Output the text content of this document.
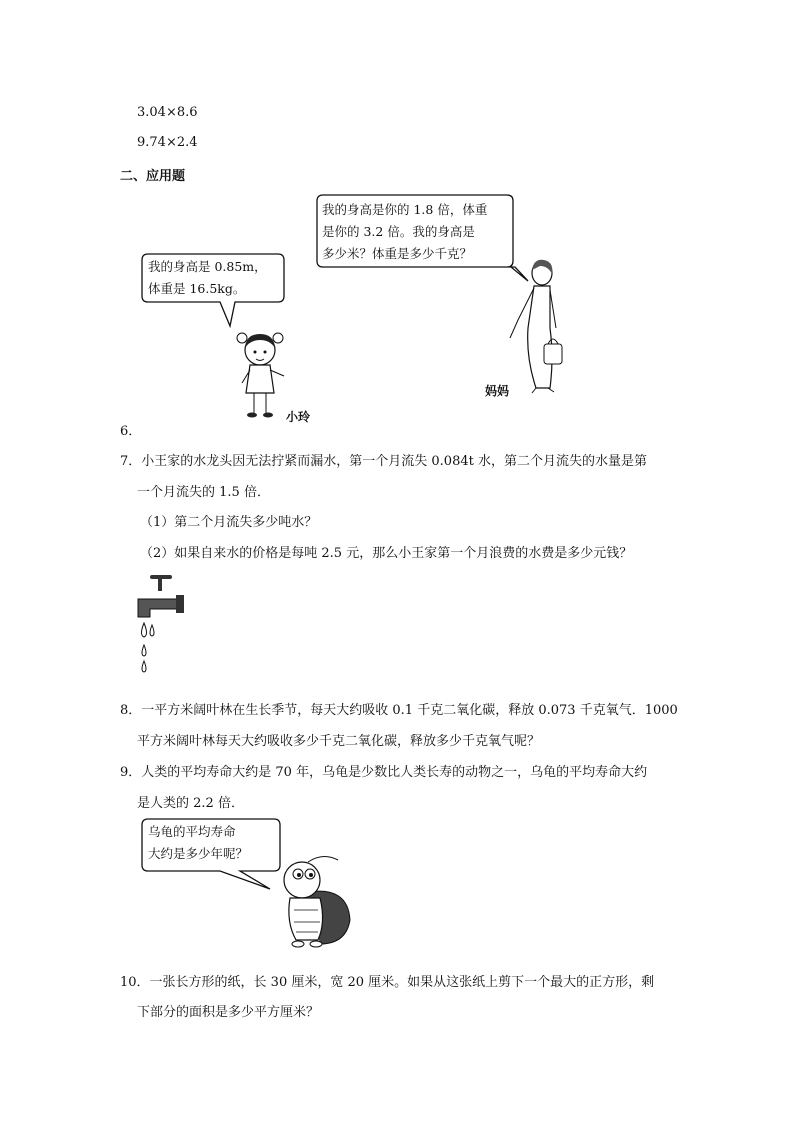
3.04×8.6
9.74×2.4
二、应用题
我的身高是你的 1.8 倍，体重
是你的 3.2 倍。我的身高是
多少米？体重是多少千克？
我的身高是 0.85m，
体重是 16.5kg。
小玲
妈妈
6．
7．小王家的水龙头因无法拧紧而漏水，第一个月流失 0.084t 水，第二个月流失的水量是第
一个月流失的 1.5 倍．
（1）第二个月流失多少吨水？
（2）如果自来水的价格是每吨 2.5 元，那么小王家第一个月浪费的水费是多少元钱？
8．一平方米阔叶林在生长季节，每天大约吸收 0.1 千克二氧化碳，释放 0.073 千克氧气．1000
平方米阔叶林每天大约吸收多少千克二氧化碳，释放多少千克氧气呢？
9．人类的平均寿命大约是 70 年，乌龟是少数比人类长寿的动物之一，乌龟的平均寿命大约
是人类的 2.2 倍．
乌龟的平均寿命
大约是多少年呢？
10．一张长方形的纸，长 30 厘米，宽 20 厘米。如果从这张纸上剪下一个最大的正方形，剩
下部分的面积是多少平方厘米？
